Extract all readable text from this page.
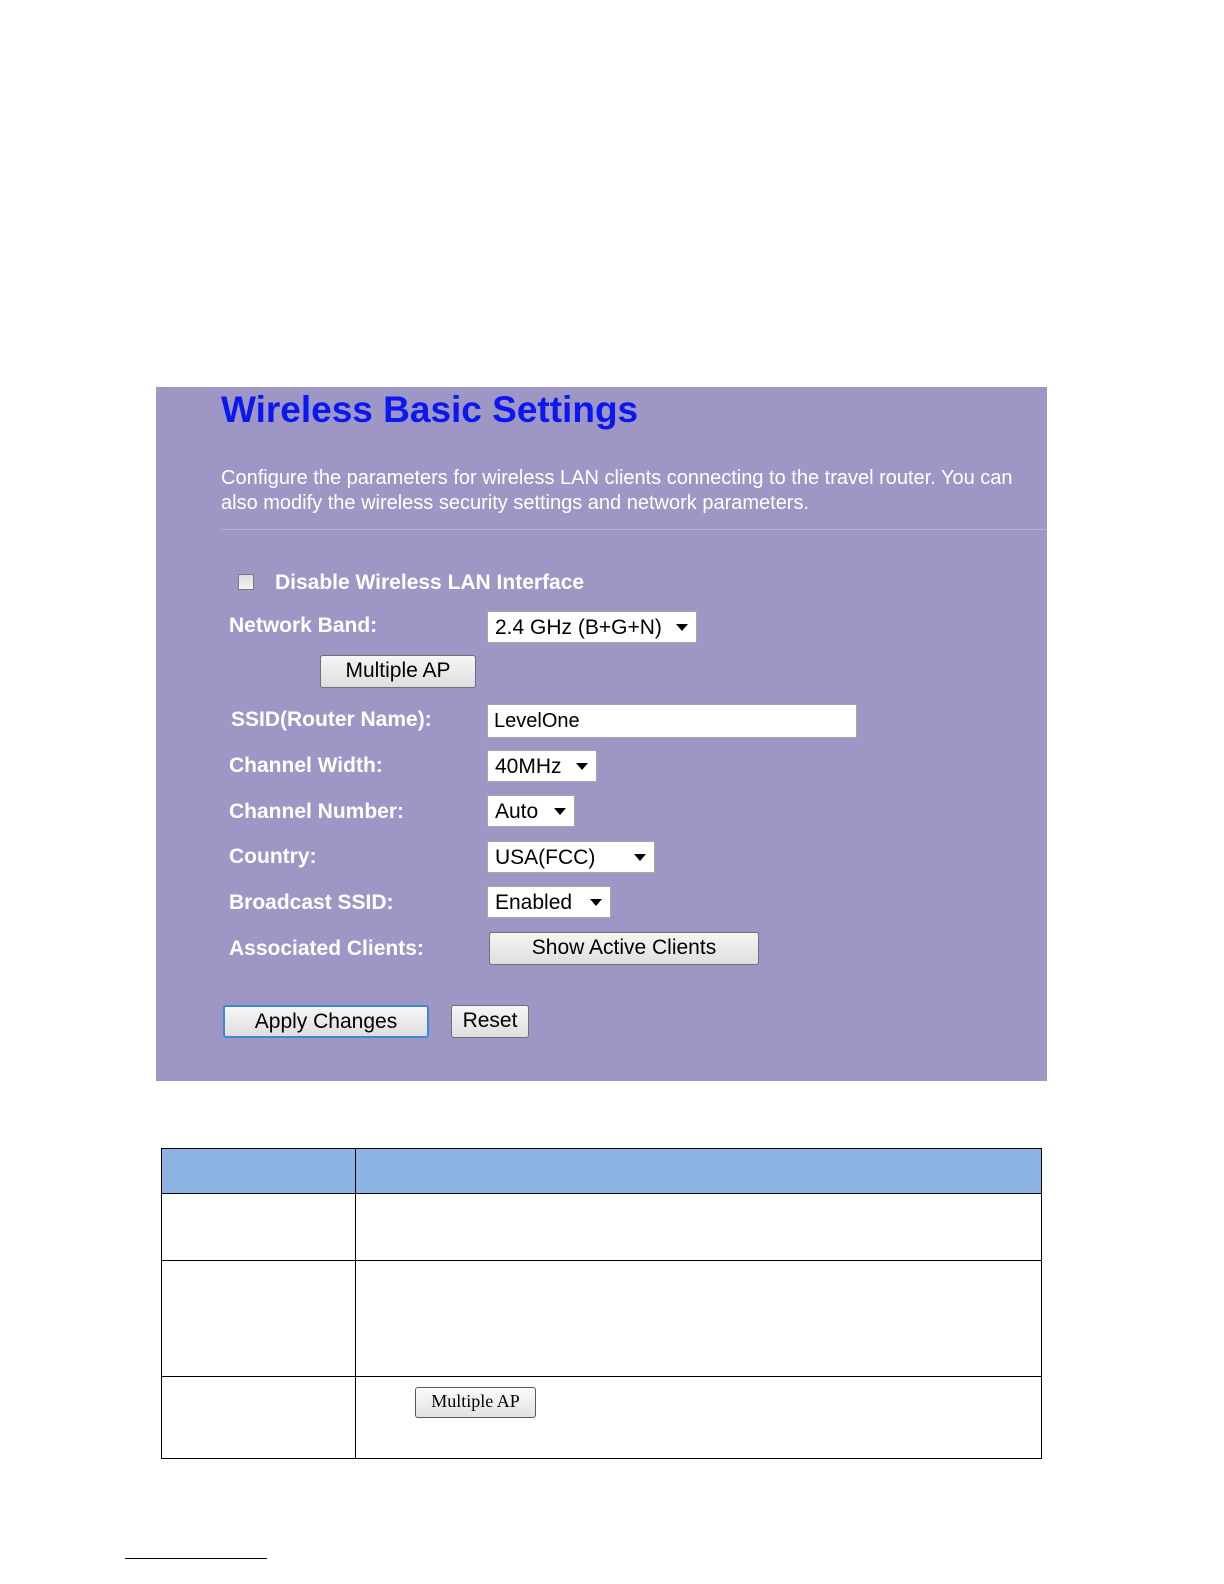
Wireless Basic Settings
Configure the parameters for wireless LAN clients connecting to the travel router. You can also modify the wireless security settings and network parameters.
Disable Wireless LAN Interface
Network Band:	2.4 GHz (B+G+N)
Multiple AP
SSID(Router Name):
LevelOne
Channel Width:	40MHz
Channel Number:	Auto
Country:	USA(FCC)
Broadcast SSID:	Enabled
Associated Clients:	Show Active Clients
Apply Changes	Reset
Multiple AP
